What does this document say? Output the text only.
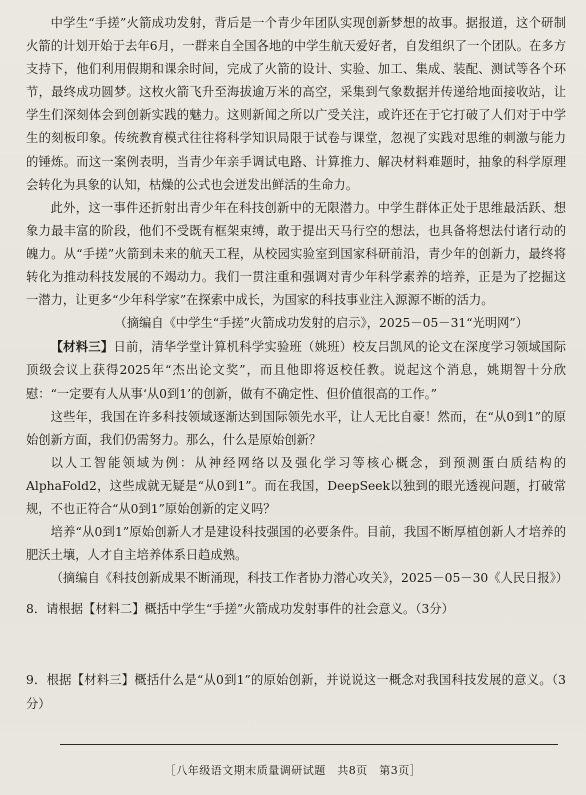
中学生“手搓”火箭成功发射，背后是一个青少年团队实现创新梦想的故事。据报道，这个研制火箭的计划开始于去年6月，一群来自全国各地的中学生航天爱好者，自发组织了一个团队。在多方支持下，他们利用假期和课余时间，完成了火箭的设计、实验、加工、集成、装配、测试等各个环节，最终成功圆梦。这枚火箭飞升至海拔逾万米的高空，采集到气象数据并传递给地面接收站，让学生们深刻体会到创新实践的魅力。这则新闻之所以广受关注，或许还在于它打破了人们对于中学生的刻板印象。传统教育模式往往将科学知识局限于试卷与课堂，忽视了实践对思维的刺激与能力的锤炼。而这一案例表明，当青少年亲手调试电路、计算推力、解决材料难题时，抽象的科学原理会转化为具象的认知，枯燥的公式也会迸发出鲜活的生命力。

此外，这一事件还折射出青少年在科技创新中的无限潜力。中学生群体正处于思维最活跃、想象力最丰富的阶段，他们不受既有框架束缚，敢于提出天马行空的想法，也具备将想法付诸行动的魄力。从“手搓”火箭到未来的航天工程，从校园实验室到国家科研前沿，青少年的创新力，最终将转化为推动科技发展的不竭动力。我们一贯注重和强调对青少年科学素养的培养，正是为了挖掘这一潜力，让更多“少年科学家”在探索中成长，为国家的科技事业注入源源不断的活力。

（摘编自《中学生“手搓”火箭成功发射的启示》，2025－05－31“光明网”）

【材料三】日前，清华学堂计算机科学实验班（姚班）校友吕凯风的论文在深度学习领域国际顶级会议上获得2025年“杰出论文奖”，而且他即将返校任教。说起这个消息，姚期智十分欣慰：“一定要有人从事‘从0到1’的创新，做有不确定性、但价值很高的工作。”

这些年，我国在许多科技领域逐渐达到国际领先水平，让人无比自豪！然而，在“从0到1”的原始创新方面，我们仍需努力。那么，什么是原始创新？

以人工智能领域为例：从神经网络以及强化学习等核心概念，到预测蛋白质结构的AlphaFold2，这些成就无疑是“从0到1”。而在我国，DeepSeek以独到的眼光透视问题，打破常规，不也正符合“从0到1”原始创新的定义吗？

培养“从0到1”原始创新人才是建设科技强国的必要条件。目前，我国不断厚植创新人才培养的肥沃土壤，人才自主培养体系日趋成熟。

（摘编自《科技创新成果不断涌现，科技工作者协力潜心攻关》，2025－05－30《人民日报》）

8．请根据【材料二】概括中学生“手搓”火箭成功发射事件的社会意义。（3分）

9．根据【材料三】概括什么是“从0到1”的原始创新，并说说这一概念对我国科技发展的意义。（3分）

［八年级语文期末质量调研试题　共8页　第3页］
